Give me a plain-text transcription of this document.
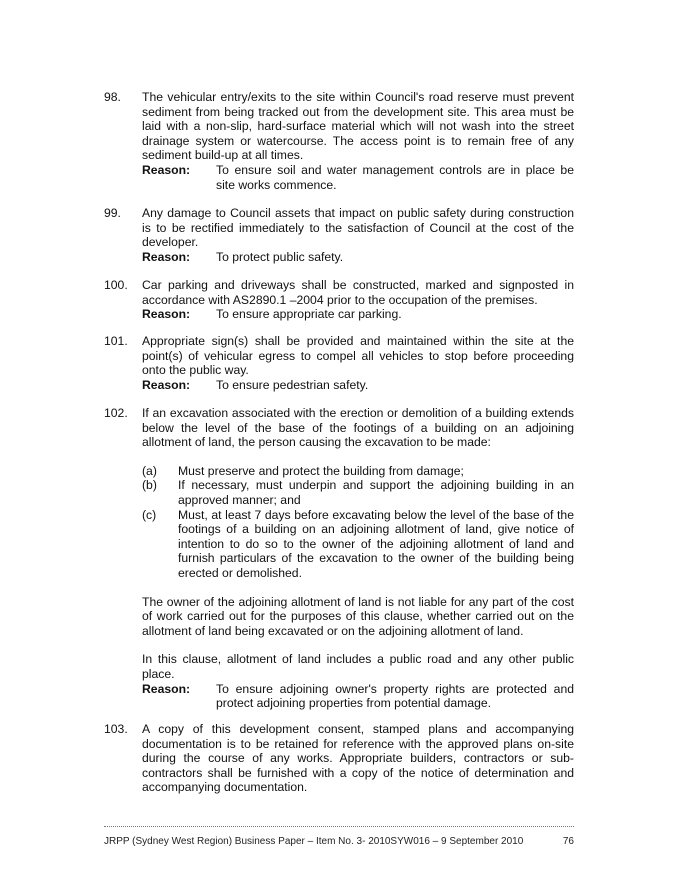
98.	The vehicular entry/exits to the site within Council's road reserve must prevent sediment from being tracked out from the development site. This area must be laid with a non-slip, hard-surface material which will not wash into the street drainage system or watercourse. The access point is to remain free of any sediment build-up at all times.

Reason:	To ensure soil and water management controls are in place be site works commence.
99.	Any damage to Council assets that impact on public safety during construction is to be rectified immediately to the satisfaction of Council at the cost of the developer.

Reason:	To protect public safety.
100.	Car parking and driveways shall be constructed, marked and signposted in accordance with AS2890.1 –2004 prior to the occupation of the premises.

Reason:	To ensure appropriate car parking.
101.	Appropriate sign(s) shall be provided and maintained within the site at the point(s) of vehicular egress to compel all vehicles to stop before proceeding onto the public way.

Reason:	To ensure pedestrian safety.
102.	If an excavation associated with the erection or demolition of a building extends below the level of the base of the footings of a building on an adjoining allotment of land, the person causing the excavation to be made:

(a)	Must preserve and protect the building from damage;
(b)	If necessary, must underpin and support the adjoining building in an approved manner; and
(c)	Must, at least 7 days before excavating below the level of the base of the footings of a building on an adjoining allotment of land, give notice of intention to do so to the owner of the adjoining allotment of land and furnish particulars of the excavation to the owner of the building being erected or demolished.

The owner of the adjoining allotment of land is not liable for any part of the cost of work carried out for the purposes of this clause, whether carried out on the allotment of land being excavated or on the adjoining allotment of land.

In this clause, allotment of land includes a public road and any other public place.

Reason:	To ensure adjoining owner's property rights are protected and protect adjoining properties from potential damage.
103.	A copy of this development consent, stamped plans and accompanying documentation is to be retained for reference with the approved plans on-site during the course of any works. Appropriate builders, contractors or sub-contractors shall be furnished with a copy of the notice of determination and accompanying documentation.

JRPP (Sydney West Region) Business Paper – Item No. 3- 2010SYW016 – 9 September 2010	76
